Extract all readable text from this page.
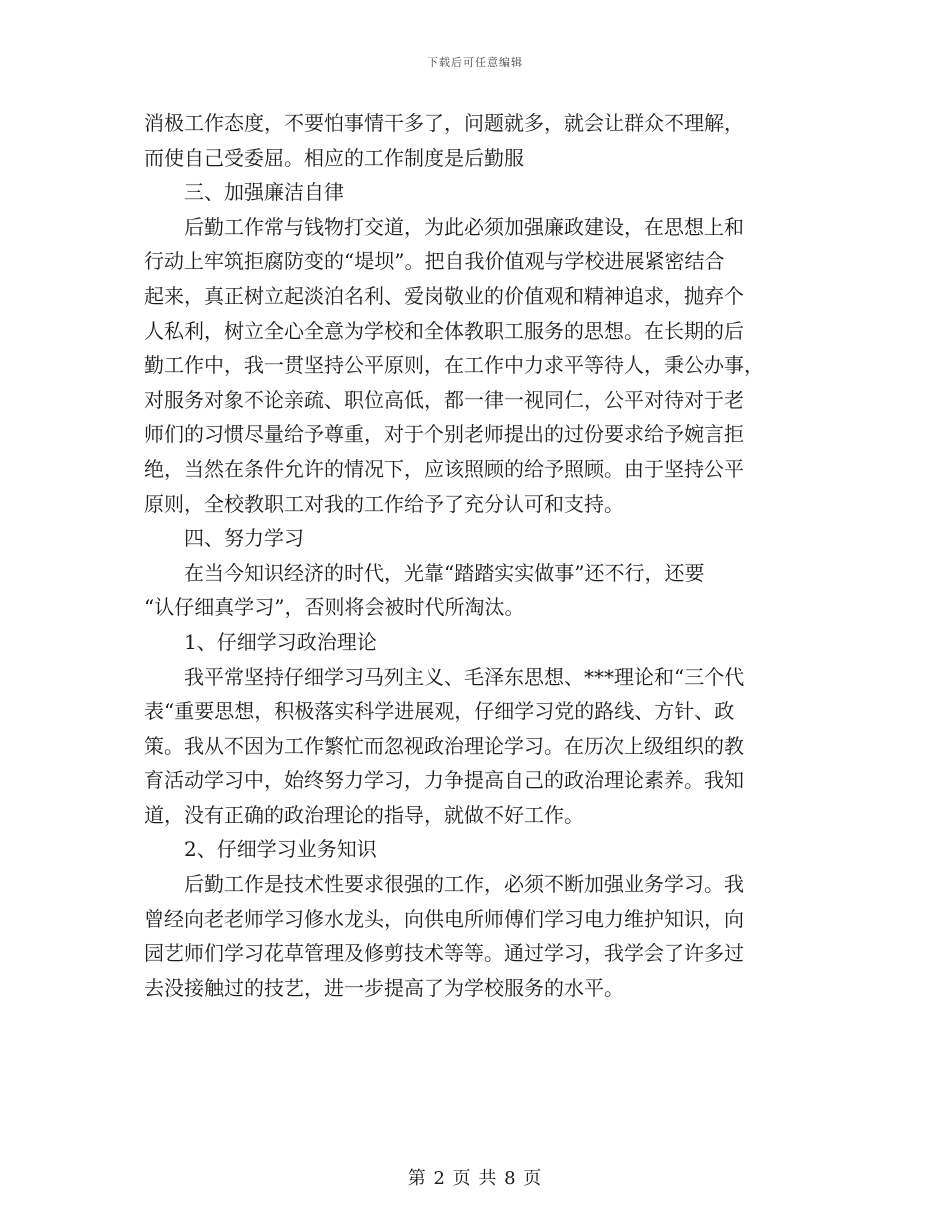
下载后可任意编辑
消极工作态度，不要怕事情干多了，问题就多，就会让群众不理解，
而使自己受委屈。相应的工作制度是后勤服
三、加强廉洁自律
后勤工作常与钱物打交道，为此必须加强廉政建设，在思想上和
行动上牢筑拒腐防变的“堤坝”。把自我价值观与学校进展紧密结合
起来，真正树立起淡泊名利、爱岗敬业的价值观和精神追求，抛弃个
人私利，树立全心全意为学校和全体教职工服务的思想。在长期的后
勤工作中，我一贯坚持公平原则，在工作中力求平等待人，秉公办事，
对服务对象不论亲疏、职位高低，都一律一视同仁，公平对待对于老
师们的习惯尽量给予尊重，对于个别老师提出的过份要求给予婉言拒
绝，当然在条件允许的情况下，应该照顾的给予照顾。由于坚持公平
原则，全校教职工对我的工作给予了充分认可和支持。
四、努力学习
在当今知识经济的时代，光靠“踏踏实实做事”还不行，还要
“认仔细真学习”，否则将会被时代所淘汰。
1、仔细学习政治理论
我平常坚持仔细学习马列主义、毛泽东思想、***理论和“三个代
表“重要思想，积极落实科学进展观，仔细学习党的路线、方针、政
策。我从不因为工作繁忙而忽视政治理论学习。在历次上级组织的教
育活动学习中，始终努力学习，力争提高自己的政治理论素养。我知
道，没有正确的政治理论的指导，就做不好工作。
2、仔细学习业务知识
后勤工作是技术性要求很强的工作，必须不断加强业务学习。我
曾经向老老师学习修水龙头，向供电所师傅们学习电力维护知识，向
园艺师们学习花草管理及修剪技术等等。通过学习，我学会了许多过
去没接触过的技艺，进一步提高了为学校服务的水平。
第 2 页 共 8 页
